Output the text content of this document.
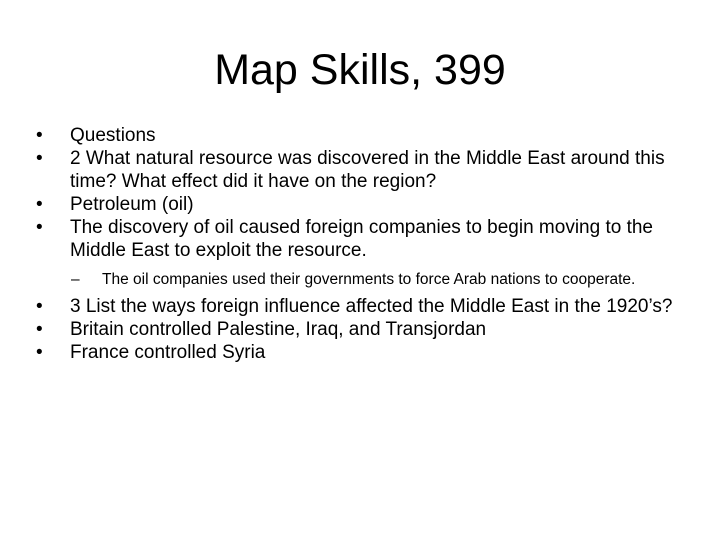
Map Skills, 399
•	Questions
•	2 What natural resource was discovered in the Middle East around this time? What effect did it have on the region?
•	Petroleum (oil)
•	The discovery of oil caused foreign companies to begin moving to the Middle East to exploit the resource.
– The oil companies used their governments to force Arab nations to cooperate.
•	3 List the ways foreign influence affected the Middle East in the 1920’s?
•	Britain controlled Palestine, Iraq, and Transjordan
•	France controlled Syria
